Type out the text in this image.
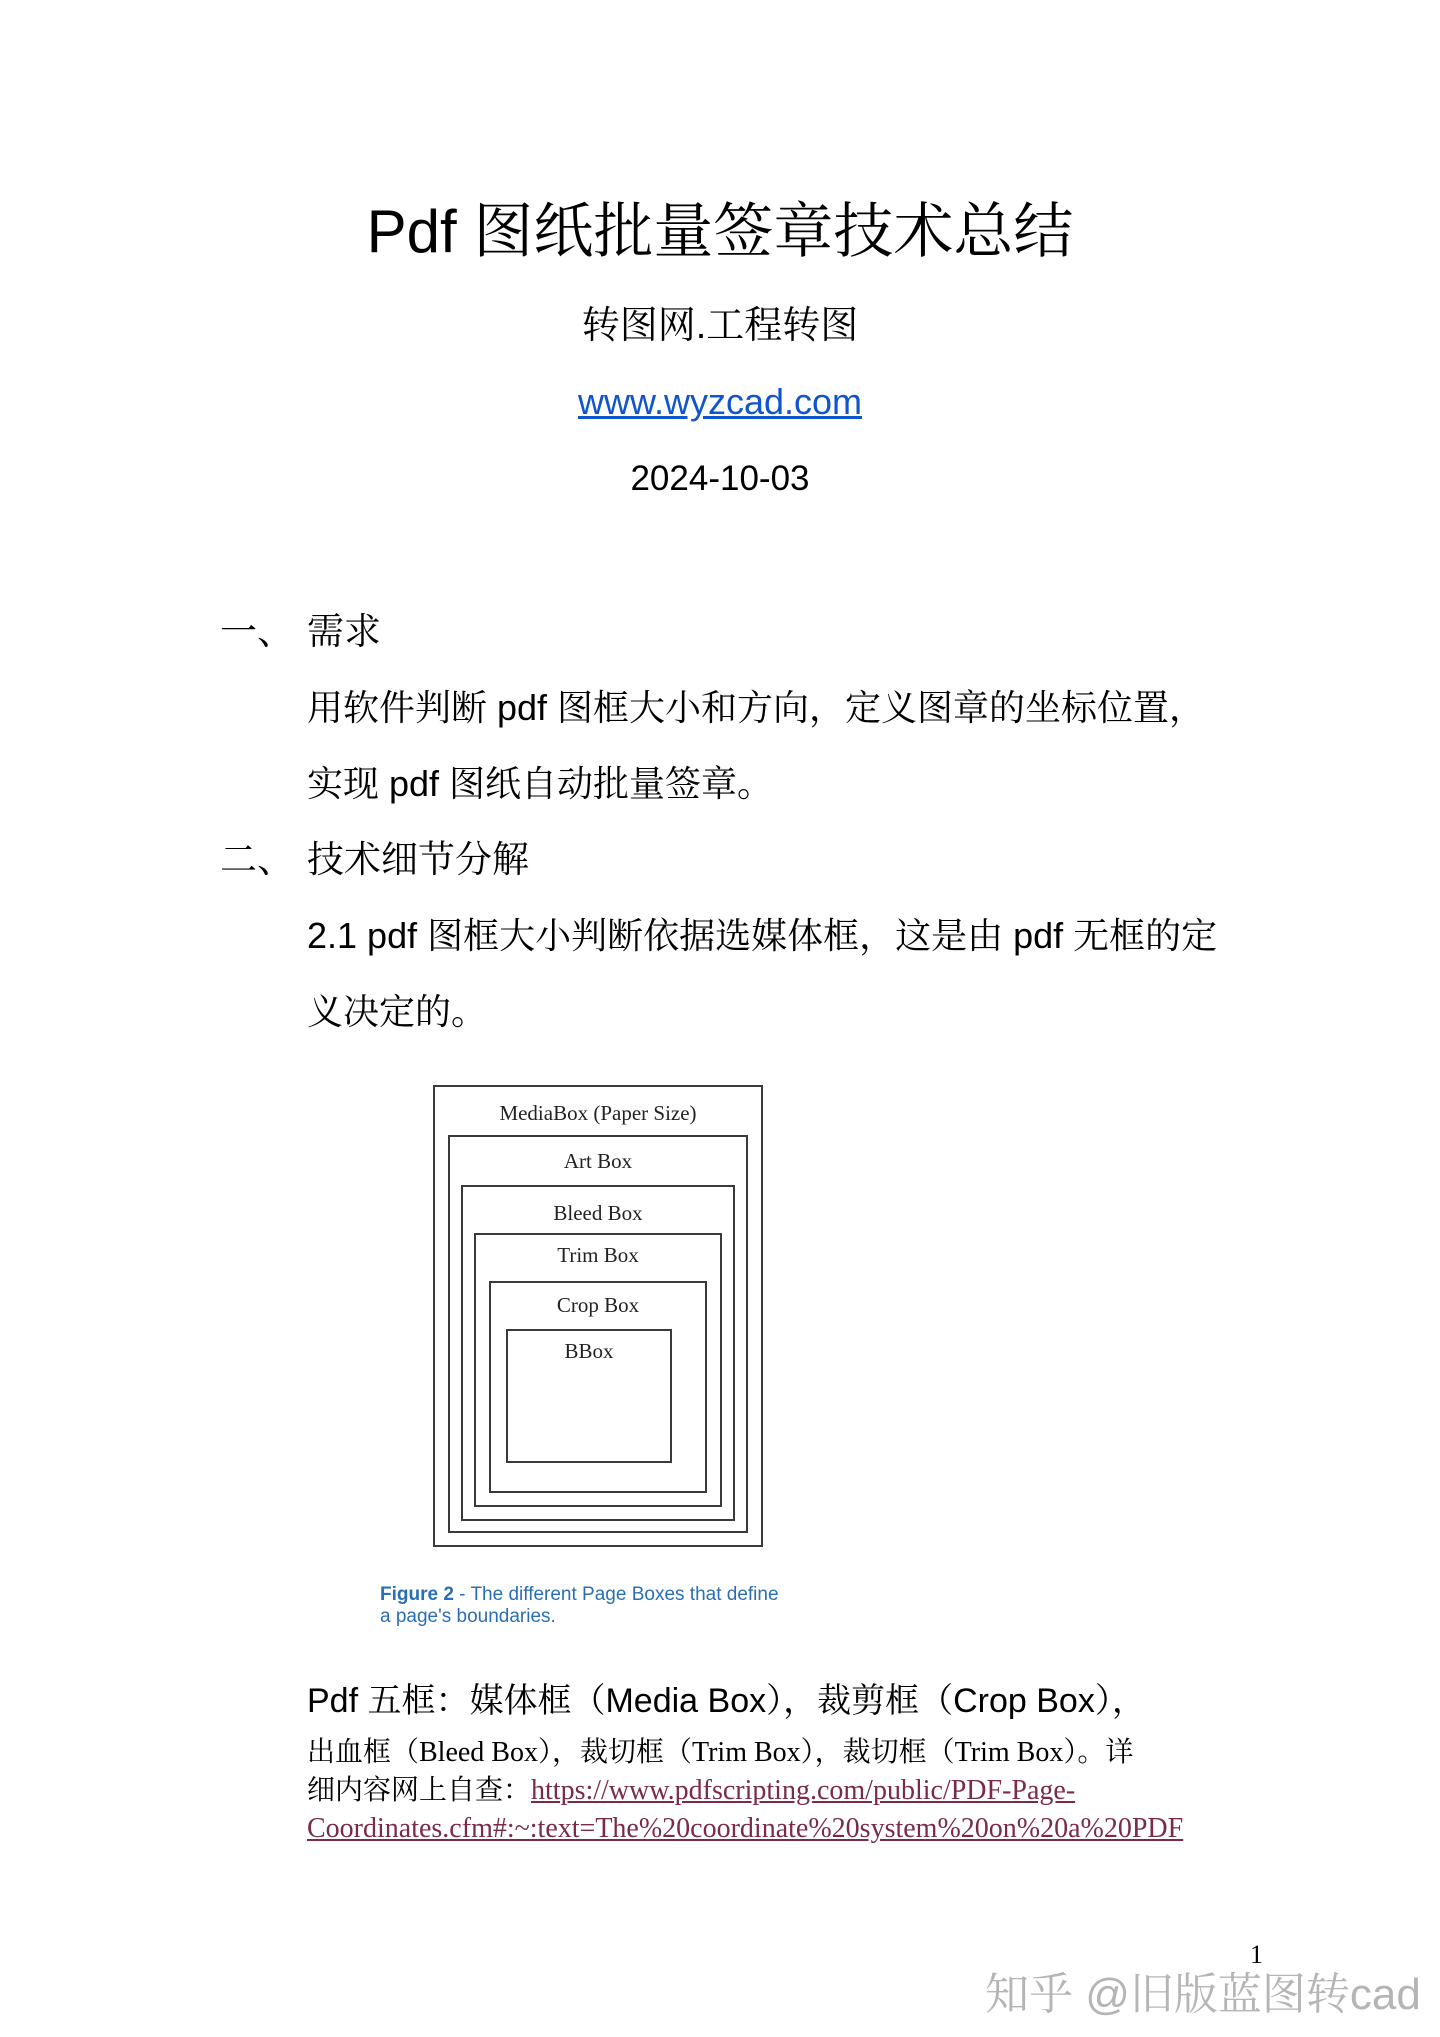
Pdf 图纸批量签章技术总结
转图网.工程转图
www.wyzcad.com
2024-10-03
一、 需求
用软件判断 pdf 图框大小和方向，定义图章的坐标位置，
实现 pdf 图纸自动批量签章。
二、 技术细节分解
2.1 pdf 图框大小判断依据选媒体框，这是由 pdf 无框的定
义决定的。
MediaBox (Paper Size)
Art Box
Bleed Box
Trim Box
Crop Box
BBox
Figure 2 - The different Page Boxes that define
a page's boundaries.
Pdf 五框：媒体框（Media Box），裁剪框（Crop Box），
出血框（Bleed Box），裁切框（Trim Box），裁切框（Trim Box）。详
细内容网上自查：https://www.pdfscripting.com/public/PDF-Page-
Coordinates.cfm#:~:text=The%20coordinate%20system%20on%20a%20PDF
1
知乎 @旧版蓝图转cad
